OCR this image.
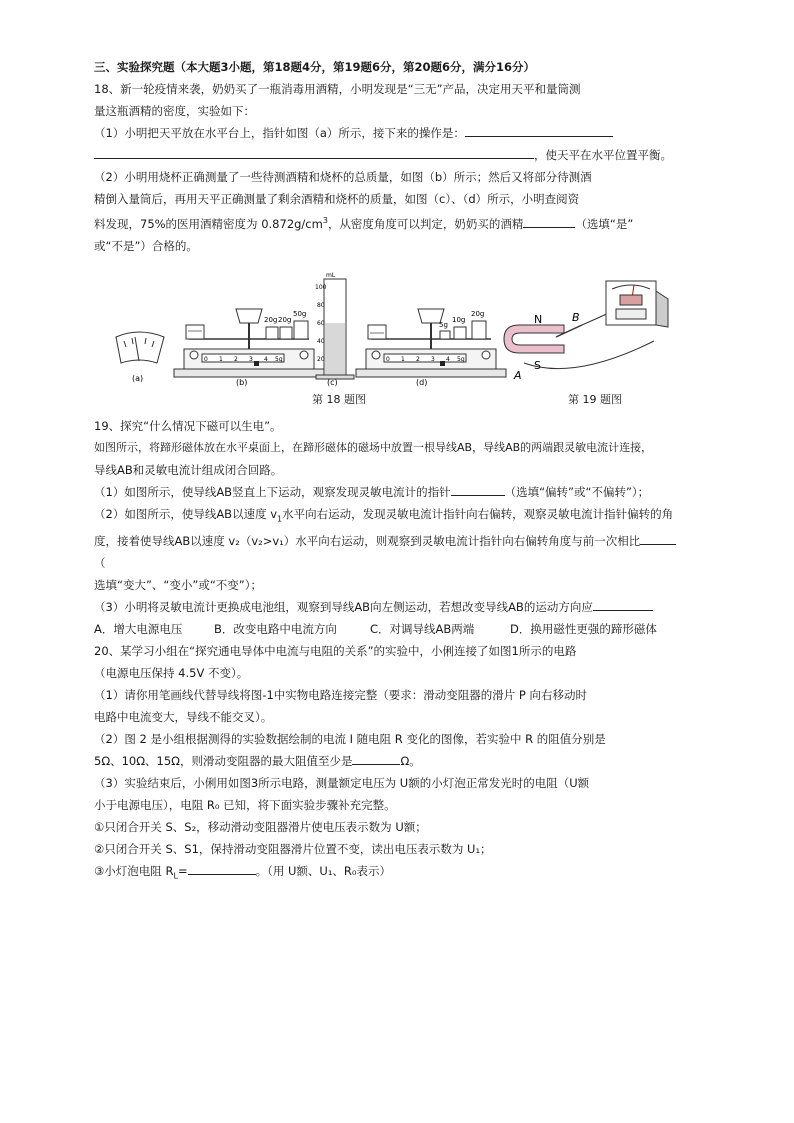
三、实验探究题（本大题3小题，第18题4分，第19题6分，第20题6分，满分16分）
18、新一轮疫情来袭，奶奶买了一瓶消毒用酒精，小明发现是“三无”产品，决定用天平和量筒测
量这瓶酒精的密度，实验如下：
（1）小明把天平放在水平台上，指针如图（a）所示，接下来的操作是：
，使天平在水平位置平衡。
（2）小明用烧杯正确测量了一些待测酒精和烧杯的总质量，如图（b）所示；然后又将部分待测酒
精倒入量筒后，再用天平正确测量了剩余酒精和烧杯的质量，如图（c）、（d）所示，小明查阅资
料发现，75%的医用酒精密度为 $0.872g/cm^3$，从密度角度可以判定，奶奶买的酒精	（选填“是”
或“不是”）合格的。
(a)
0 1 2 3 4 5g
20g 20g
50g
(b)
mL
100
80
60
40
20
(c)
0 1 2 3 4 5g
5g
10g
20g
(d)
N
S
A
B
第 18 题图	第 19 题图
19、探究“什么情况下磁可以生电”。
如图所示，将蹄形磁体放在水平桌面上，在蹄形磁体的磁场中放置一根导线AB，导线AB的两端跟灵敏电流计连接，
导线AB和灵敏电流计组成闭合回路。
（1）如图所示，使导线AB竖直上下运动，观察发现灵敏电流计的指针	（选填“偏转”或“不偏转”）；
（2）如图所示，使导线AB以速度 $v_1$水平向右运动，发现灵敏电流计指针向右偏转，观察灵敏电流计指针偏转的角
度，接着使导线AB以速度 v₂（v₂>v₁）水平向右运动，则观察到灵敏电流计指针向右偏转角度与前一次相比
（
选填“变大”、“变小”或“不变”）；
（3）小明将灵敏电流计更换成电池组，观察到导线AB向左侧运动，若想改变导线AB的运动方向应
A．增大电源电压	B．改变电路中电流方向	C．对调导线AB两端	D．换用磁性更强的蹄形磁体
20、某学习小组在“探究通电导体中电流与电阻的关系”的实验中，小俐连接了如图1所示的电路
（电源电压保持 4.5V 不变）。
（1）请你用笔画线代替导线将图-1中实物电路连接完整（要求：滑动变阻器的滑片 P 向右移动时
电路中电流变大，导线不能交叉）。
（2）图 2 是小组根据测得的实验数据绘制的电流 I 随电阻 R 变化的图像，若实验中 R 的阻值分别是
5Ω、10Ω、15Ω，则滑动变阻器的最大阻值至少是	Ω。
（3）实验结束后，小俐用如图3所示电路，测量额定电压为 U额的小灯泡正常发光时的电阻（U额
小于电源电压），电阻 R₀ 已知，将下面实验步骤补充完整。
①只闭合开关 S、S₂，移动滑动变阻器滑片使电压表示数为 U额；
②只闭合开关 S、S1，保持滑动变阻器滑片位置不变，读出电压表示数为 U₁；
③小灯泡电阻 $R_L=$	。（用 U额、U₁、R₀表示）
